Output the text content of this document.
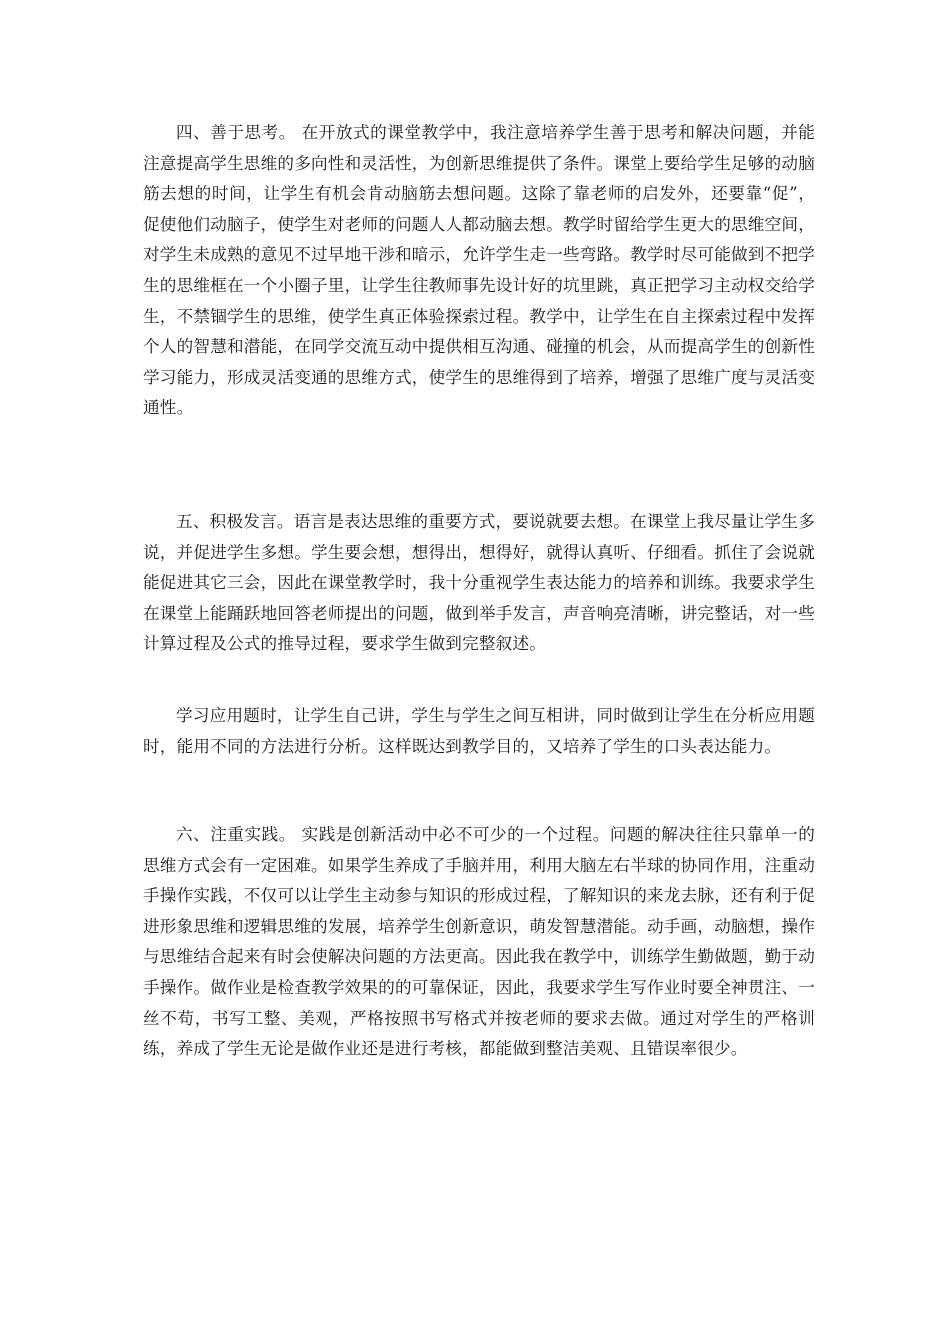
四、善于思考。 在开放式的课堂教学中，我注意培养学生善于思考和解决问题，并能注意提高学生思维的多向性和灵活性，为创新思维提供了条件。课堂上要给学生足够的动脑筋去想的时间，让学生有机会肯动脑筋去想问题。这除了靠老师的启发外，还要靠“促”，促使他们动脑子，使学生对老师的问题人人都动脑去想。教学时留给学生更大的思维空间，对学生未成熟的意见不过早地干涉和暗示，允许学生走一些弯路。教学时尽可能做到不把学生的思维框在一个小圈子里，让学生往教师事先设计好的坑里跳，真正把学习主动权交给学生，不禁锢学生的思维，使学生真正体验探索过程。教学中，让学生在自主探索过程中发挥个人的智慧和潜能，在同学交流互动中提供相互沟通、碰撞的机会，从而提高学生的创新性学习能力，形成灵活变通的思维方式，使学生的思维得到了培养，增强了思维广度与灵活变通性。

五、积极发言。语言是表达思维的重要方式，要说就要去想。在课堂上我尽量让学生多说，并促进学生多想。学生要会想，想得出，想得好，就得认真听、仔细看。抓住了会说就能促进其它三会，因此在课堂教学时，我十分重视学生表达能力的培养和训练。我要求学生在课堂上能踊跃地回答老师提出的问题，做到举手发言，声音响亮清晰，讲完整话，对一些计算过程及公式的推导过程，要求学生做到完整叙述。

学习应用题时，让学生自己讲，学生与学生之间互相讲，同时做到让学生在分析应用题时，能用不同的方法进行分析。这样既达到教学目的，又培养了学生的口头表达能力。

六、注重实践。 实践是创新活动中必不可少的一个过程。问题的解决往往只靠单一的思维方式会有一定困难。如果学生养成了手脑并用，利用大脑左右半球的协同作用，注重动手操作实践，不仅可以让学生主动参与知识的形成过程，了解知识的来龙去脉，还有利于促进形象思维和逻辑思维的发展，培养学生创新意识，萌发智慧潜能。动手画，动脑想，操作与思维结合起来有时会使解决问题的方法更高。因此我在教学中，训练学生勤做题，勤于动手操作。做作业是检查教学效果的的可靠保证，因此，我要求学生写作业时要全神贯注、一丝不苟，书写工整、美观，严格按照书写格式并按老师的要求去做。通过对学生的严格训练，养成了学生无论是做作业还是进行考核，都能做到整洁美观、且错误率很少。
